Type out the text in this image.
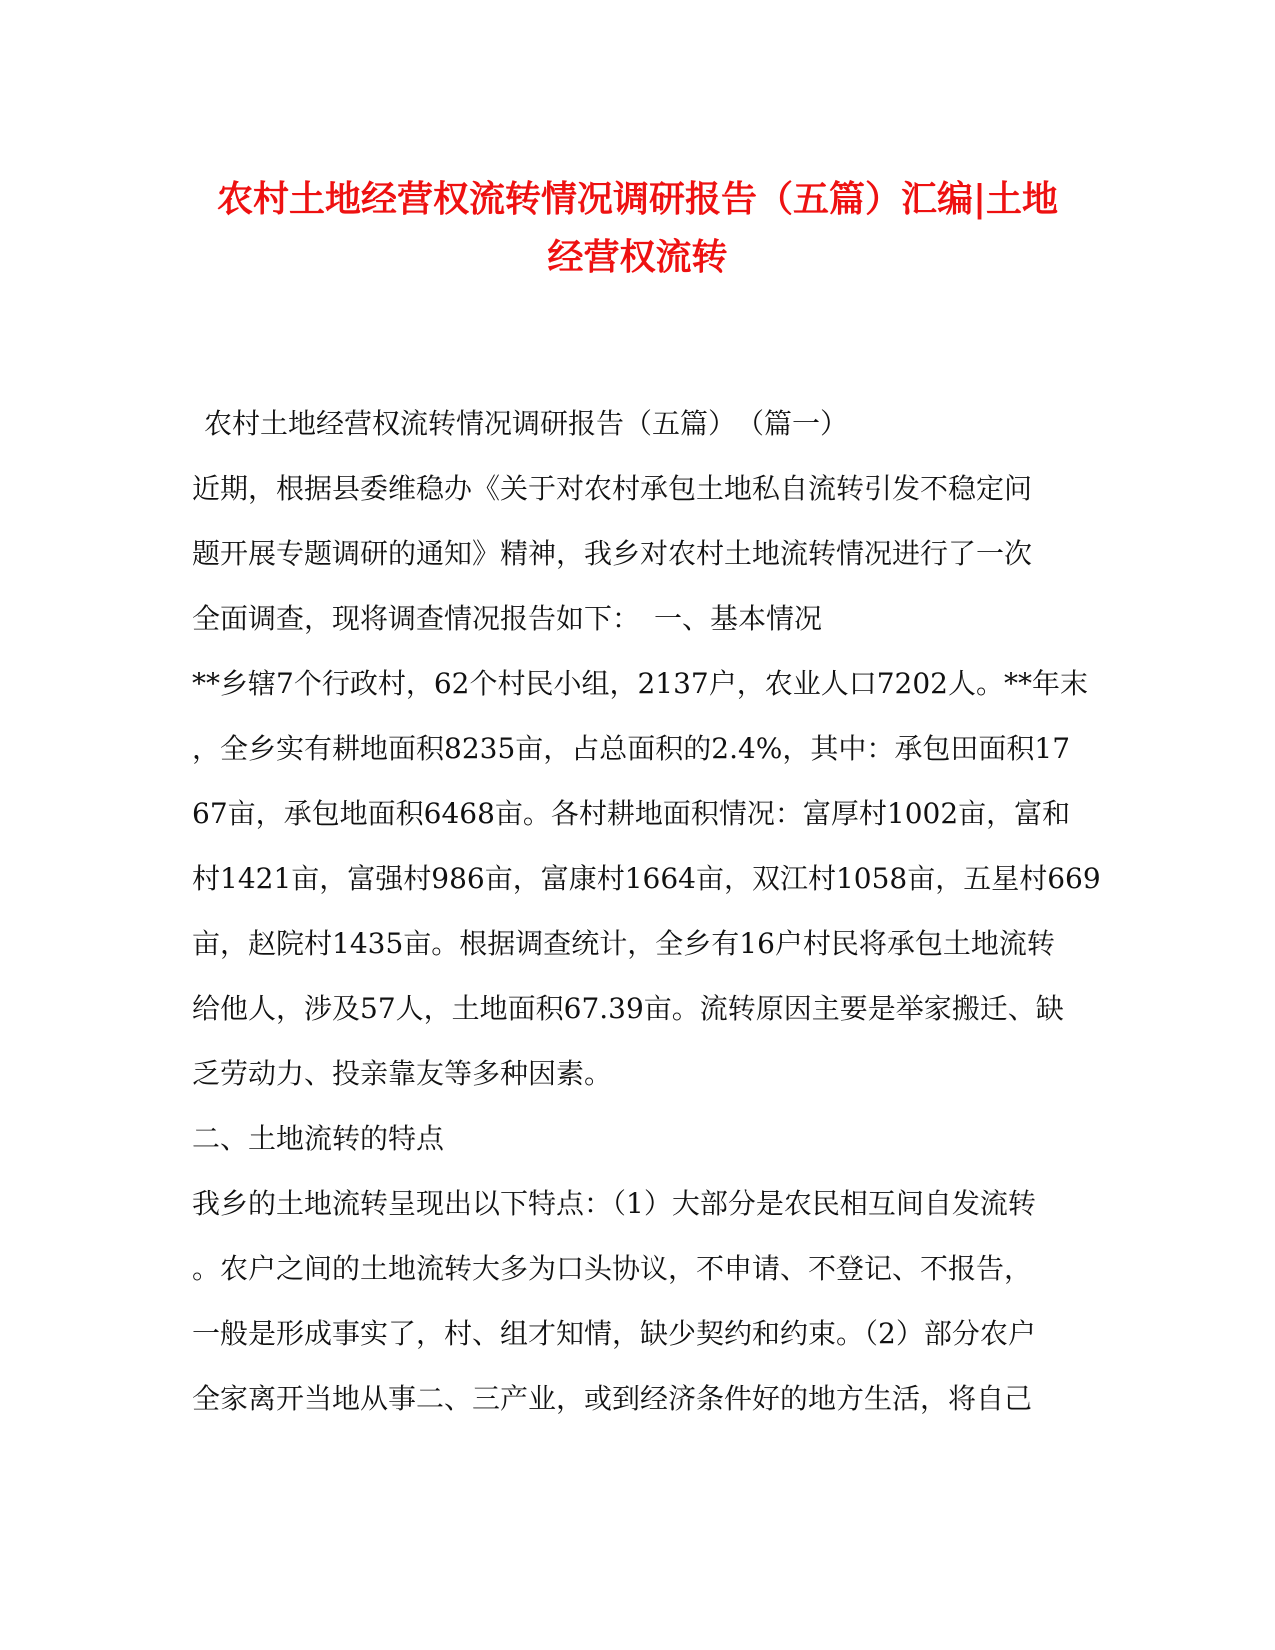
农村土地经营权流转情况调研报告（五篇）汇编|土地
经营权流转
农村土地经营权流转情况调研报告（五篇）　（篇一）
近期，根据县委维稳办《关于对农村承包土地私自流转引发不稳定问
题开展专题调研的通知》精神，我乡对农村土地流转情况进行了一次
全面调查，现将调查情况报告如下：　一、基本情况
**乡辖7个行政村，62个村民小组，2137户，农业人口7202人。**年末
，全乡实有耕地面积8235亩，占总面积的2.4%，其中：承包田面积17
67亩，承包地面积6468亩。各村耕地面积情况：富厚村1002亩，富和
村1421亩，富强村986亩，富康村1664亩，双江村1058亩，五星村669
亩，赵院村1435亩。根据调查统计，全乡有16户村民将承包土地流转
给他人，涉及57人，土地面积67.39亩。流转原因主要是举家搬迁、缺
乏劳动力、投亲靠友等多种因素。
二、土地流转的特点
我乡的土地流转呈现出以下特点：（1）大部分是农民相互间自发流转
。农户之间的土地流转大多为口头协议，不申请、不登记、不报告，
一般是形成事实了，村、组才知情，缺少契约和约束。（2）部分农户
全家离开当地从事二、三产业，或到经济条件好的地方生活，将自己
